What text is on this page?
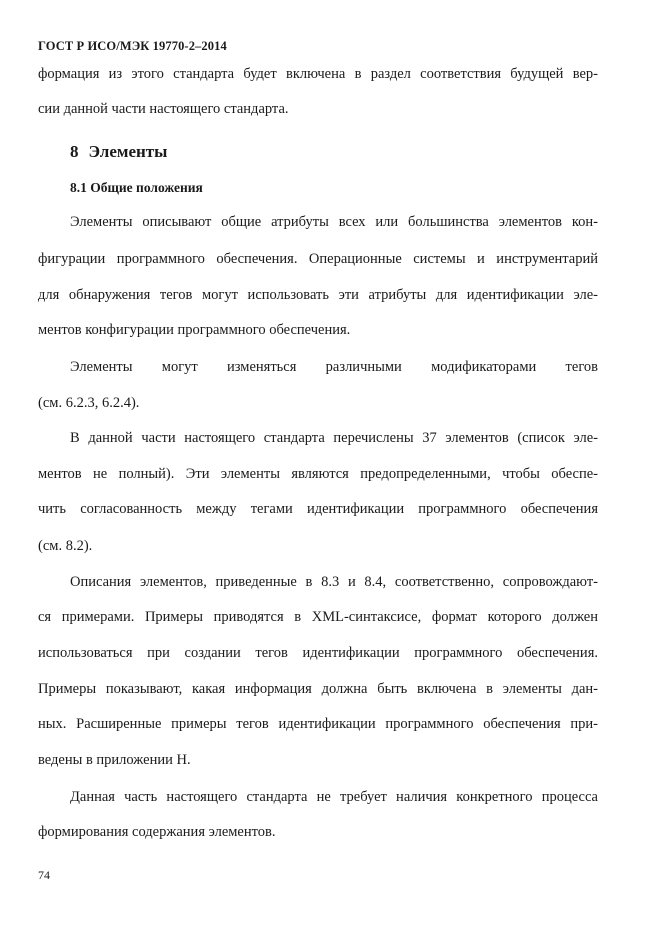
ГОСТ Р ИСО/МЭК 19770-2–2014
формация из этого стандарта будет включена в раздел соответствия будущей вер-
сии данной части настоящего стандарта.
8 Элементы
8.1 Общие положения
Элементы описывают общие атрибуты всех или большинства элементов кон-
фигурации программного обеспечения. Операционные системы и инструментарий
для обнаружения тегов могут использовать эти атрибуты для идентификации эле-
ментов конфигурации программного обеспечения.
Элементы могут изменяться различными модификаторами тегов
(см. 6.2.3, 6.2.4).
В данной части настоящего стандарта перечислены 37 элементов (список эле-
ментов не полный). Эти элементы являются предопределенными, чтобы обеспе-
чить согласованность между тегами идентификации программного обеспечения
(см. 8.2).
Описания элементов, приведенные в 8.3 и 8.4, соответственно, сопровождают-
ся примерами. Примеры приводятся в XML-синтаксисе, формат которого должен
использоваться при создании тегов идентификации программного обеспечения.
Примеры показывают, какая информация должна быть включена в элементы дан-
ных. Расширенные примеры тегов идентификации программного обеспечения при-
ведены в приложении Н.
Данная часть настоящего стандарта не требует наличия конкретного процесса
формирования содержания элементов.
74
